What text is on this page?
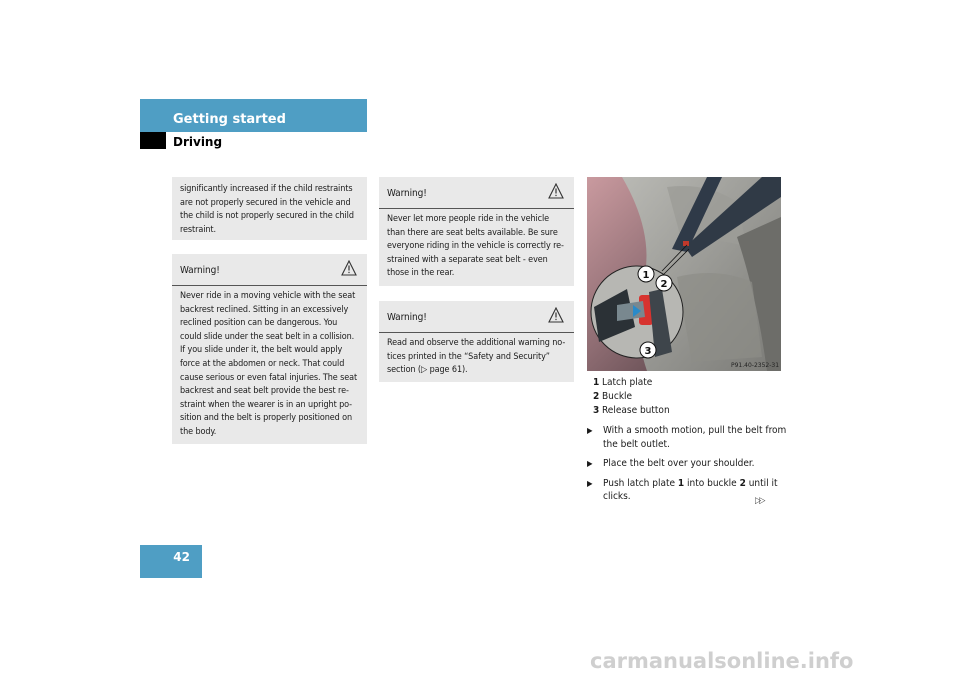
Getting started
Driving
significantly increased if the child restraints are not properly secured in the vehicle and the child is not properly secured in the child restraint.
Warning!
Never ride in a moving vehicle with the seat backrest reclined. Sitting in an excessively reclined position can be dangerous. You could slide under the seat belt in a collision. If you slide under it, the belt would apply force at the abdomen or neck. That could cause serious or even fatal injuries. The seat backrest and seat belt provide the best re-straint when the wearer is in an upright po-sition and the belt is properly positioned on the body.
Warning!
Never let more people ride in the vehicle than there are seat belts available. Be sure everyone riding in the vehicle is correctly re-strained with a separate seat belt - even those in the rear.
Warning!
Read and observe the additional warning no-tices printed in the “Safety and Security” section (▷ page 61).
1
2
3
P91.40-2352-31
1 Latch plate
2 Buckle
3 Release button
▶ With a smooth motion, pull the belt from the belt outlet.
▶ Place the belt over your shoulder.
▶ Push latch plate 1 into buckle 2 until it clicks.	▷▷
42
carmanualsonline.info
